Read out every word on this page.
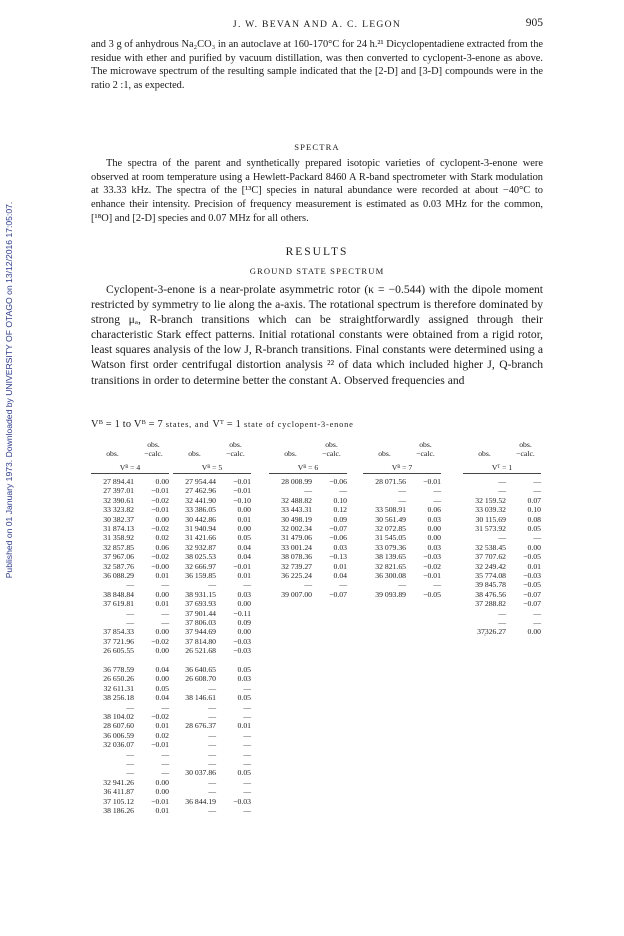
Published on 01 January 1973. Downloaded by UNIVERSITY OF OTAGO on 13/12/2016 17:05:07.
J. W. BEVAN AND A. C. LEGON	905

and 3 g of anhydrous Na₂CO₃ in an autoclave at 160-170°C for 24 h.²¹ Dicyclopentadiene extracted from the residue with ether and purified by vacuum distillation, was then converted to cyclopent-3-enone as above. The microwave spectrum of the resulting sample indicated that the [2-D] and [3-D] compounds were in the ratio 2 :1, as expected.

SPECTRA

The spectra of the parent and synthetically prepared isotopic varieties of cyclopent-3-enone were observed at room temperature using a Hewlett-Packard 8460 A R-band spectrometer with Stark modulation at 33.33 kHz. The spectra of the [¹³C] species in natural abundance were recorded at about −40°C to enhance their intensity. Precision of frequency measurement is estimated as 0.03 MHz for the common, [¹⁸O] and [2-D] species and 0.07 MHz for all others.

RESULTS
GROUND STATE SPECTRUM

Cyclopent-3-enone is a near-prolate asymmetric rotor (κ = −0.544) with the dipole moment restricted by symmetry to lie along the a-axis. The rotational spectrum is therefore dominated by strong μₐ, R-branch transitions which can be straightforwardly assigned through their characteristic Stark effect patterns. Initial rotational constants were obtained from a rigid rotor, least squares analysis of the low J, R-branch transitions. Final constants were determined using a Watson first order centrifugal distortion analysis ²² of data which included higher J, Q-branch transitions in order to determine better the constant A. Observed frequencies and

Vᴮ = 1 to Vᴮ = 7 states, and Vᵀ = 1 state of cyclopent-3-enone
obs.
obs.
−calc.
Vᴮ = 4
27 894.41
27 397.01
32 390.61
33 323.82
30 382.37
31 874.13
31 358.92
32 857.85
37 967.06
32 587.76
36 088.29
—
38 848.84
37 619.81
—
—
37 854.33
37 721.96
26 605.55
36 778.59
26 650.26
32 611.31
38 256.18
—
38 104.02
28 607.60
36 006.59
32 036.07
—
—
—
32 941.26
36 411.87
37 105.12
38 186.26
0.00
−0.01
−0.02
−0.01
0.00
−0.02
0.02
0.06
−0.02
−0.00
0.01
—
0.00
0.01
—
—
0.00
−0.02
0.00
0.04
0.00
0.05
0.04
—
−0.02
0.01
0.02
−0.01
—
—
—
0.00
0.00
−0.01
0.01
obs.
obs.
−calc.
Vᴮ = 5
27 954.44
27 462.96
32 441.90
33 386.05
30 442.86
31 940.94
31 421.66
32 932.87
38 025.53
32 666.97
36 159.85
—
38 931.15
37 693.93
37 901.44
37 806.03
37 944.69
37 814.80
26 521.68
36 640.65
26 608.70
—
38 146.61
—
—
28 676.37
—
—
—
—
30 037.86
—
—
36 844.19
—
−0.01
−0.01
−0.10
0.00
0.01
0.00
0.05
0.04
0.04
−0.01
0.01
—
0.03
0.00
−0.11
0.09
0.00
−0.03
−0.03
0.05
0.03
—
0.05
—
—
0.01
—
—
—
—
0.05
—
—
−0.03
—
obs.
obs.
−calc.
Vᴮ = 6
28 008.99
—
32 488.82
33 443.31
30 498.19
32 002.34
31 479.06
33 001.24
38 078.36
32 739.27
36 225.24
—
39 007.00
−0.06
—
0.10
0.12
0.09
−0.07
−0.06
0.03
−0.13
0.01
0.04
—
−0.07
obs.
obs.
−calc.
Vᴮ = 7
28 071.56
—
—
33 508.91
30 561.49
32 072.85
31 545.05
33 079.36
38 139.65
32 821.65
36 300.08
—
39 093.89
−0.01
—
—
0.06
0.03
0.00
0.00
0.03
−0.03
−0.02
−0.01
—
−0.05
obs.
obs.
−calc.
Vᵀ = 1
—
—
32 159.52
33 039.32
30 115.69
31 573.92
—
32 538.45
37 707.62
32 249.42
35 774.08
39 845.78
38 476.56
37 288.82
—
—
37̦326.27
—
—
0.07
0.10
0.08
0.05
—
0.00
−0.05
0.01
−0.03
−0.05
−0.07
−0.07
—
—
0.00
